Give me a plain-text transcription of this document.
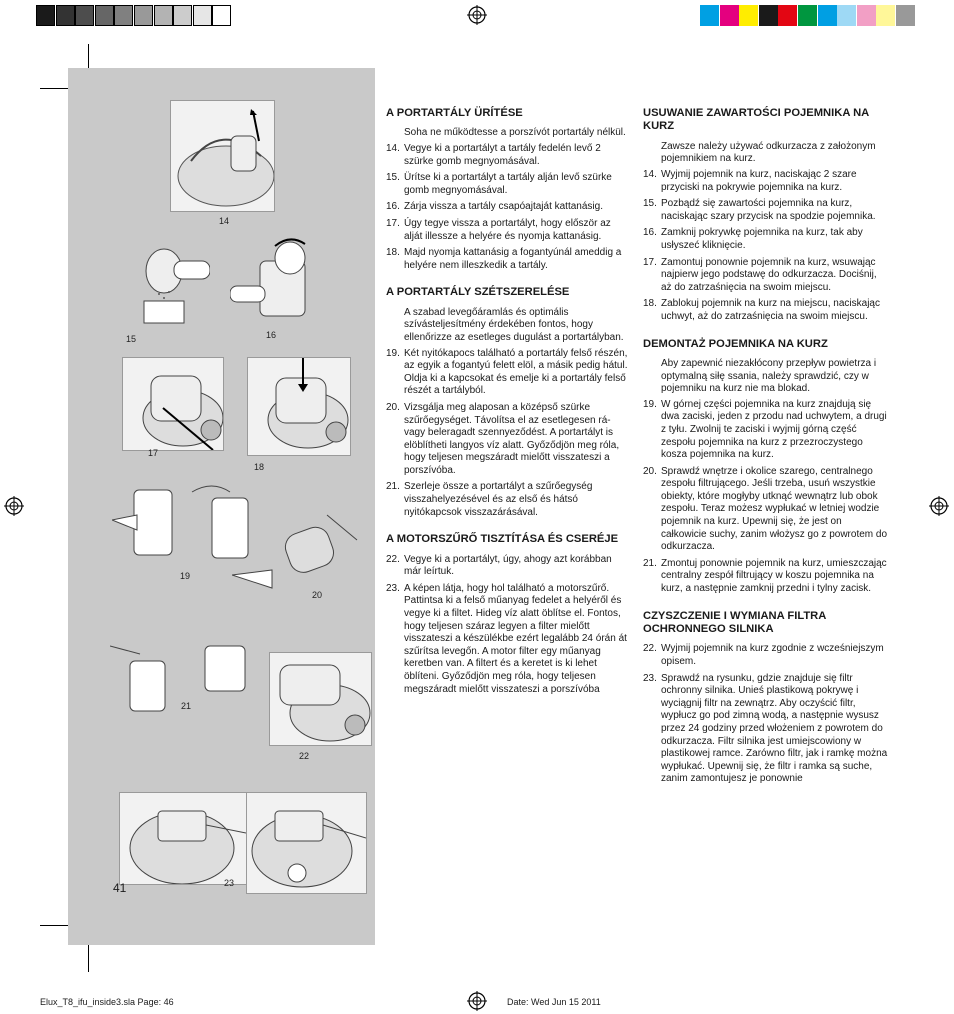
14
15	16
17
18
19
20
21
22
23
41
A PORTARTÁLY ÜRÍTÉSE
Soha ne működtesse a porszívót portartály nélkül.
14. Vegye ki a portartályt a tartály fedelén levő 2 szürke gomb megnyomásával.
15. Ürítse ki a portartályt a tartály alján levő szürke gomb megnyomásával.
16. Zárja vissza a tartály csapóajtaját kattanásig.
17. Úgy tegye vissza a portartályt, hogy először az alját illessze a helyére és nyomja kattanásig.
18. Majd nyomja kattanásig a fogantyúnál ameddig a helyére nem illeszkedik a tartály.
A PORTARTÁLY SZÉTSZERELÉSE
A szabad levegőáramlás és optimális szívásteljesítmény érdekében fontos, hogy ellenőrizze az esetleges dugulást a portartályban.
19. Két nyitókapocs található a portartály felső részén, az egyik a fogantyú felett elöl, a másik pedig hátul. Oldja ki a kapcsokat és emelje ki a portartály felső részét a tartályból.
20. Vizsgálja meg alaposan a középső szürke szűrőegységet. Távolítsa el az esetlegesen rá- vagy beleragadt szennyeződést. A portartályt is elöblítheti langyos víz alatt. Győződjön meg róla, hogy teljesen megszáradt mielőtt visszateszi a porszívóba.
21. Szerleje össze a portartályt a szűrőegység visszahelyezésével és az első és hátsó nyitókapcsok visszazárásával.
A MOTORSZŰRŐ TISZTÍTÁSA ÉS CSERÉJE
22. Vegye ki a portartályt, úgy, ahogy azt korábban már leírtuk.
23. A képen látja, hogy hol található a motorszűrő. Pattintsa ki a felső műanyag fedelet a helyéről és vegye ki a filtet. Hideg víz alatt öblítse el. Fontos, hogy teljesen száraz legyen a filter mielőtt visszateszi a készülékbe ezért legalább 24 órán át szűrítsa levegőn. A motor filter egy műanyag keretben van. A filtert és a keretet is ki lehet öblíteni. Győződjön meg róla, hogy teljesen megszáradt mielőtt visszateszi a porszívóba
USUWANIE ZAWARTOŚCI POJEMNIKA NA KURZ
Zawsze należy używać odkurzacza z założonym pojemnikiem na kurz.
14. Wyjmij pojemnik na kurz, naciskając 2 szare przyciski na pokrywie pojemnika na kurz.
15. Pozbądź się zawartości pojemnika na kurz, naciskając szary przycisk na spodzie pojemnika.
16. Zamknij pokrywkę pojemnika na kurz, tak aby usłyszeć kliknięcie.
17. Zamontuj ponownie pojemnik na kurz, wsuwając najpierw jego podstawę do odkurzacza. Dociśnij, aż do zatrzaśnięcia na swoim miejscu.
18. Zablokuj pojemnik na kurz na miejscu, naciskając uchwyt, aż do zatrzaśnięcia na swoim miejscu.
DEMONTAŻ POJEMNIKA NA KURZ
Aby zapewnić niezakłócony przepływ powietrza i optymalną siłę ssania, należy sprawdzić, czy w pojemniku na kurz nie ma blokad.
19. W górnej części pojemnika na kurz znajdują się dwa zaciski, jeden z przodu nad uchwytem, a drugi z tyłu. Zwolnij te zaciski i wyjmij górną część zespołu pojemnika na kurz z przezroczystego kosza pojemnika na kurz.
20. Sprawdź wnętrze i okolice szarego, centralnego zespołu filtrującego. Jeśli trzeba, usuń wszystkie obiekty, które mogłyby utknąć wewnątrz lub obok zespołu. Teraz możesz wypłukać w letniej wodzie pojemnik na kurz. Upewnij się, że jest on całkowicie suchy, zanim włożysz go z powrotem do odkurzacza.
21. Zmontuj ponownie pojemnik na kurz, umieszczając centralny zespół filtrujący w koszu pojemnika na kurz, a następnie zamknij przedni i tylny zacisk.
CZYSZCZENIE I WYMIANA FILTRA OCHRONNEGO SILNIKA
22. Wyjmij pojemnik na kurz zgodnie z wcześniejszym opisem.
23. Sprawdź na rysunku, gdzie znajduje się filtr ochronny silnika. Unieś plastikową pokrywę i wyciągnij filtr na zewnątrz. Aby oczyścić filtr, wypłucz go pod zimną wodą, a następnie wysusz przez 24 godziny przed włożeniem z powrotem do odkurzacza. Filtr silnika jest umiejscowiony w plastikowej ramce. Zarówno filtr, jak i ramkę można wypłukać. Upewnij się, że filtr i ramka są suche, zanim zamontujesz je ponownie
Elux_T8_ifu_inside3.sla Page: 46	Date: Wed Jun 15 2011
